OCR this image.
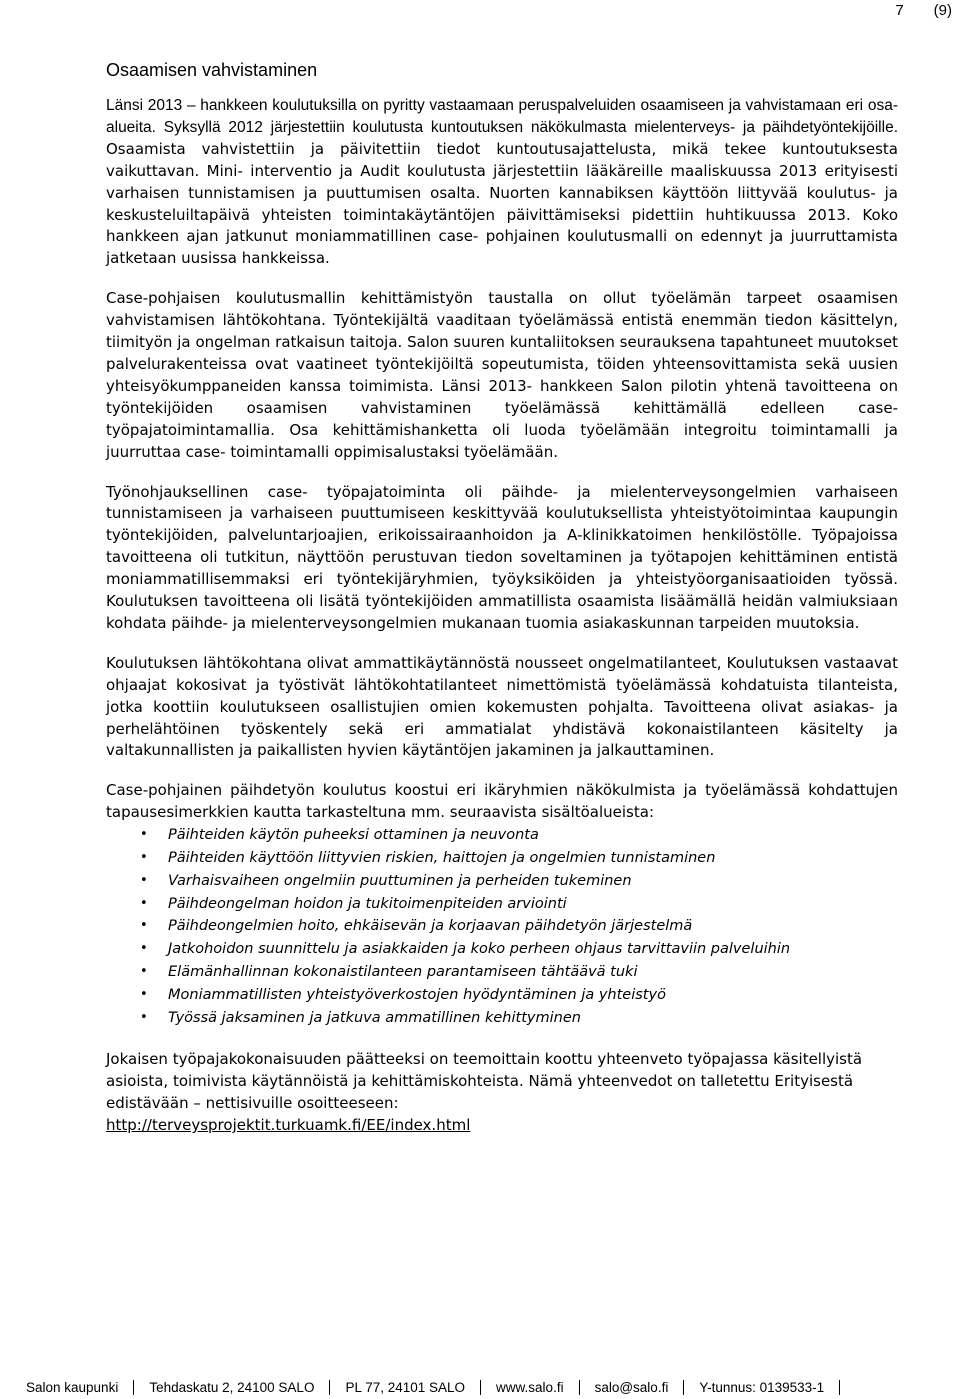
7 (9)
Osaamisen vahvistaminen

Länsi 2013 – hankkeen koulutuksilla on pyritty vastaamaan peruspalveluiden osaamiseen ja vahvistamaan eri osa-alueita. Syksyllä 2012 järjestettiin koulutusta kuntoutuksen näkökulmasta mielenterveys- ja päihdetyöntekijöille. Osaamista vahvistettiin ja päivitettiin tiedot kuntoutusajattelusta, mikä tekee kuntoutuksesta vaikuttavan. Mini- interventio ja Audit koulutusta järjestettiin lääkäreille maaliskuussa 2013 erityisesti varhaisen tunnistamisen ja puuttumisen osalta. Nuorten kannabiksen käyttöön liittyvää koulutus- ja keskusteluiltapäivä yhteisten toimintakäytäntöjen päivittämiseksi pidettiin huhtikuussa 2013. Koko hankkeen ajan jatkunut moniammatillinen case- pohjainen koulutusmalli on edennyt ja juurruttamista jatketaan uusissa hankkeissa.

Case-pohjaisen koulutusmallin kehittämistyön taustalla on ollut työelämän tarpeet osaamisen vahvistamisen lähtökohtana. Työntekijältä vaaditaan työelämässä entistä enemmän tiedon käsittelyn, tiimityön ja ongelman ratkaisun taitoja. Salon suuren kuntaliitoksen seurauksena tapahtuneet muutokset palvelurakenteissa ovat vaatineet työntekijöiltä sopeutumista, töiden yhteensovittamista sekä uusien yhteisyökumppaneiden kanssa toimimista. Länsi 2013- hankkeen Salon pilotin yhtenä tavoitteena on työntekijöiden osaamisen vahvistaminen työelämässä kehittämällä edelleen case- työpajatoimintamallia. Osa kehittämishanketta oli luoda työelämään integroitu toimintamalli ja juurruttaa case- toimintamalli oppimisalustaksi työelämään.

Työnohjauksellinen case- työpajatoiminta oli päihde- ja mielenterveysongelmien varhaiseen tunnistamiseen ja varhaiseen puuttumiseen keskittyvää koulutuksellista yhteistyötoimintaa kaupungin työntekijöiden, palveluntarjoajien, erikoissairaanhoidon ja A-klinikkatoimen henkilöstölle. Työpajoissa tavoitteena oli tutkitun, näyttöön perustuvan tiedon soveltaminen ja työtapojen kehittäminen entistä moniammatillisemmaksi eri työntekijäryhmien, työyksiköiden ja yhteistyöorganisaatioiden työssä. Koulutuksen tavoitteena oli lisätä työntekijöiden ammatillista osaamista lisäämällä heidän valmiuksiaan kohdata päihde- ja mielenterveysongelmien mukanaan tuomia asiakaskunnan tarpeiden muutoksia.

Koulutuksen lähtökohtana olivat ammattikäytännöstä nousseet ongelmatilanteet, Koulutuksen vastaavat ohjaajat kokosivat ja työstivät lähtökohtatilanteet nimettömistä työelämässä kohdatuista tilanteista, jotka koottiin koulutukseen osallistujien omien kokemusten pohjalta. Tavoitteena olivat asiakas- ja perhelähtöinen työskentely sekä eri ammatialat yhdistävä kokonaistilanteen käsitelty ja valtakunnallisten ja paikallisten hyvien käytäntöjen jakaminen ja jalkauttaminen.

Case-pohjainen päihdetyön koulutus koostui eri ikäryhmien näkökulmista ja työelämässä kohdattujen tapausesimerkkien kautta tarkasteltuna mm. seuraavista sisältöalueista:

• Päihteiden käytön puheeksi ottaminen ja neuvonta
• Päihteiden käyttöön liittyvien riskien, haittojen ja ongelmien tunnistaminen
• Varhaisvaiheen ongelmiin puuttuminen ja perheiden tukeminen
• Päihdeongelman hoidon ja tukitoimenpiteiden arviointi
• Päihdeongelmien hoito, ehkäisevän ja korjaavan päihdetyön järjestelmä
• Jatkohoidon suunnittelu ja asiakkaiden ja koko perheen ohjaus tarvittaviin palveluihin
• Elämänhallinnan kokonaistilanteen parantamiseen tähtäävä tuki
• Moniammatillisten yhteistyöverkostojen hyödyntäminen ja yhteistyö
• Työssä jaksaminen ja jatkuva ammatillinen kehittyminen

Jokaisen työpajakokonaisuuden päätteeksi on teemoittain koottu yhteenveto työpajassa käsitellyistä asioista, toimivista käytännöistä ja kehittämiskohteista. Nämä yhteenvedot on talletettu Erityisestä edistävään – nettisivuille osoitteeseen:
http://terveysprojektit.turkuamk.fi/EE/index.html

Salon kaupunki	Tehdaskatu 2, 24100 SALO	PL 77, 24101 SALO	www.salo.fi	salo@salo.fi	Y-tunnus: 0139533-1
